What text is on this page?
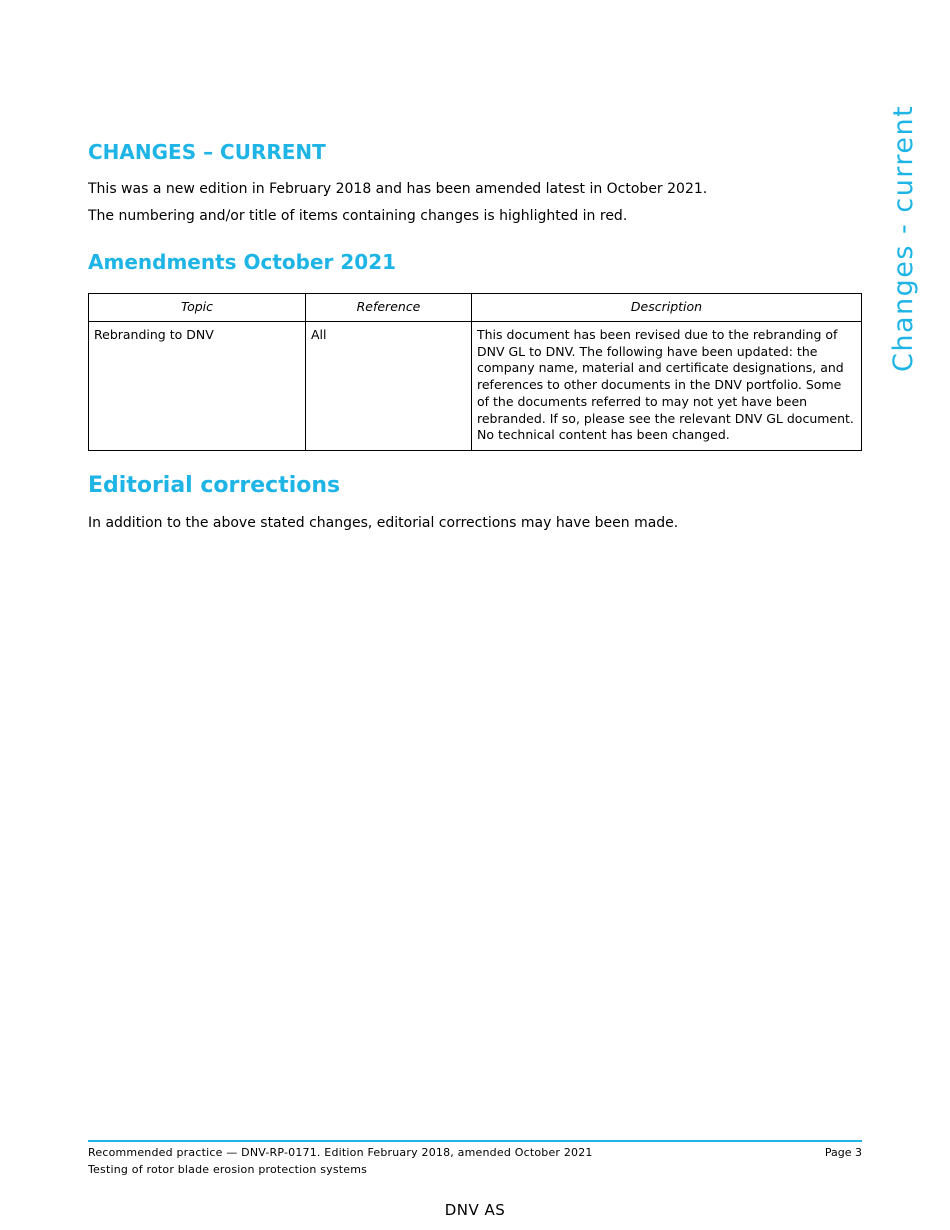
CHANGES – CURRENT

This was a new edition in February 2018 and has been amended latest in October 2021.

The numbering and/or title of items containing changes is highlighted in red.

Amendments October 2021
Topic	Reference	Description
Rebranding to DNV	All	This document has been revised due to the rebranding of DNV GL to DNV. The following have been updated: the company name, material and certificate designations, and references to other documents in the DNV portfolio. Some of the documents referred to may not yet have been rebranded. If so, please see the relevant DNV GL document. No technical content has been changed.
Editorial corrections

In addition to the above stated changes, editorial corrections may have been made.

Changes - current
Recommended practice — DNV-RP-0171. Edition February 2018, amended October 2021
Testing of rotor blade erosion protection systems
Page 3
DNV AS
